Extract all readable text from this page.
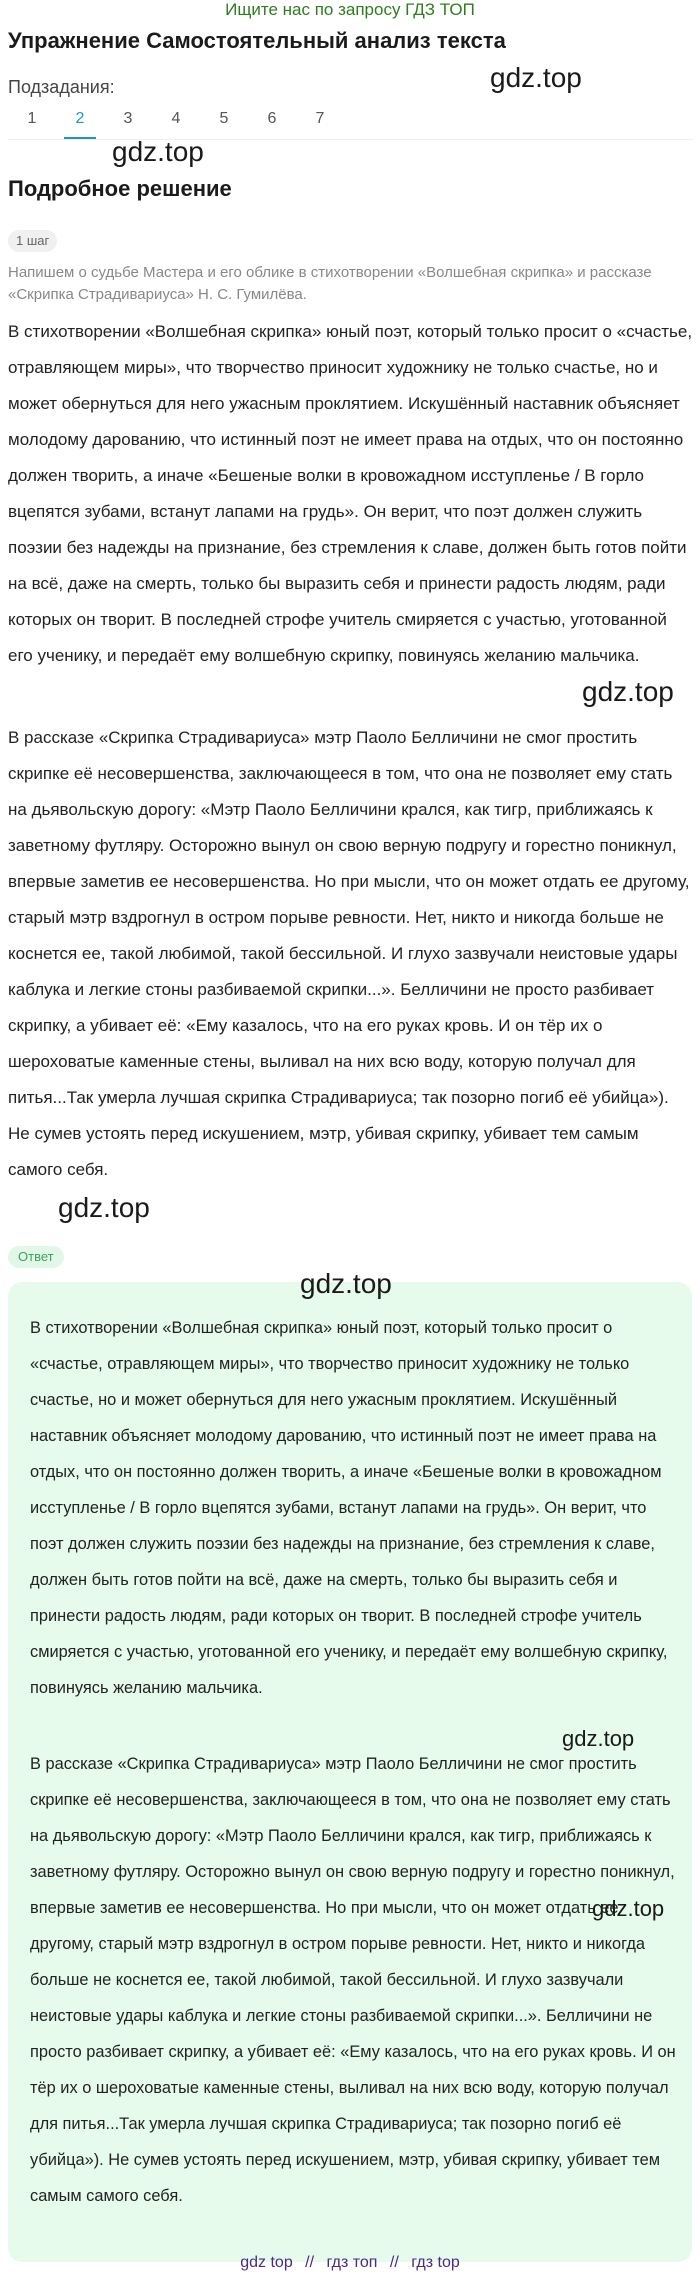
Ищите нас по запросу ГДЗ ТОП
Упражнение Самостоятельный анализ текста
gdz.top
Подзадания:
1	2	3	4	5	6	7
gdz.top
Подробное решение
1 шаг

Напишем о судьбе Мастера и его облике в стихотворении «Волшебная скрипка» и рассказе «Скрипка Страдивариуса» Н. С. Гумилёва.

В стихотворении «Волшебная скрипка» юный поэт, который только просит о «счастье, отравляющем миры», что творчество приносит художнику не только счастье, но и может обернуться для него ужасным проклятием. Искушённый наставник объясняет молодому дарованию, что истинный поэт не имеет права на отдых, что он постоянно должен творить, а иначе «Бешеные волки в кровожадном исступленье / В горло вцепятся зубами, встанут лапами на грудь». Он верит, что поэт должен служить поэзии без надежды на признание, без стремления к славе, должен быть готов пойти на всё, даже на смерть, только бы выразить себя и принести радость людям, ради которых он творит. В последней строфе учитель смиряется с участью, уготованной его ученику, и передаёт ему волшебную скрипку, повинуясь желанию мальчика.

gdz.top

В рассказе «Скрипка Страдивариуса» мэтр Паоло Белличини не смог простить скрипке её несовершенства, заключающееся в том, что она не позволяет ему стать на дьявольскую дорогу: «Мэтр Паоло Белличини крался, как тигр, приближаясь к заветному футляру. Осторожно вынул он свою верную подругу и горестно поникнул, впервые заметив ее несовершенства. Но при мысли, что он может отдать ее другому, старый мэтр вздрогнул в остром порыве ревности. Нет, никто и никогда больше не коснется ее, такой любимой, такой бессильной. И глухо зазвучали неистовые удары каблука и легкие стоны разбиваемой скрипки...». Белличини не просто разбивает скрипку, а убивает её: «Ему казалось, что на его руках кровь. И он тёр их о шероховатые каменные стены, выливал на них всю воду, которую получал для питья...Так умерла лучшая скрипка Страдивариуса; так позорно погиб её убийца»). Не сумев устоять перед искушением, мэтр, убивая скрипку, убивает тем самым самого себя.

gdz.top
Ответ
gdz.top

В стихотворении «Волшебная скрипка» юный поэт, который только просит о «счастье, отравляющем миры», что творчество приносит художнику не только счастье, но и может обернуться для него ужасным проклятием. Искушённый наставник объясняет молодому дарованию, что истинный поэт не имеет права на отдых, что он постоянно должен творить, а иначе «Бешеные волки в кровожадном исступленье / В горло вцепятся зубами, встанут лапами на грудь». Он верит, что поэт должен служить поэзии без надежды на признание, без стремления к славе, должен быть готов пойти на всё, даже на смерть, только бы выразить себя и принести радость людям, ради которых он творит. В последней строфе учитель смиряется с участью, уготованной его ученику, и передаёт ему волшебную скрипку, повинуясь желанию мальчика.

gdz.top

В рассказе «Скрипка Страдивариуса» мэтр Паоло Белличини не смог простить скрипке её несовершенства, заключающееся в том, что она не позволяет ему стать на дьявольскую дорогу: «Мэтр Паоло Белличини крался, как тигр, приближаясь к заветному футляру. Осторожно вынул он свою верную подругу и горестно поникнул, впервые заметив ее несовершенства. Но при мысли, что он может отдать ее другому, старый мэтр вздрогнул в остром порыве ревности. Нет, никто и никогда больше не коснется ее, такой любимой, такой бессильной. И глухо зазвучали неистовые удары каблука и легкие стоны разбиваемой скрипки...». Белличини не просто разбивает скрипку, а убивает её: «Ему казалось, что на его руках кровь. И он тёр их о шероховатые каменные стены, выливал на них всю воду, которую получал для питья...Так умерла лучшая скрипка Страдивариуса; так позорно погиб её убийца»). Не сумев устоять перед искушением, мэтр, убивая скрипку, убивает тем самым самого себя.

gdz.top
gdz top // гдз топ // гдз top
